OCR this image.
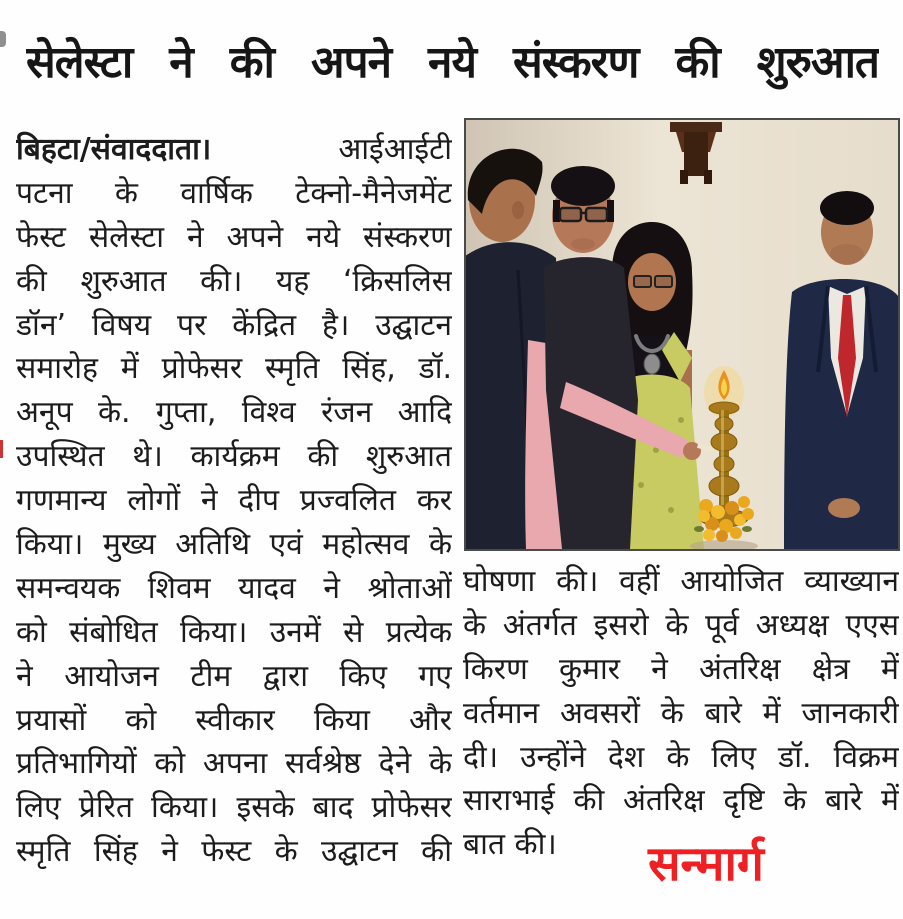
सेलेस्टा ने की अपने नये संस्करण की शुरुआत
बिहटा/संवाददाता।	आईआईटी
पटना के वार्षिक टेक्नो-मैनेजमेंट
फेस्ट सेलेस्टा ने अपने नये संस्करण
की शुरुआत की। यह ‘क्रिसलिस
डॉन’ विषय पर केंद्रित है। उद्घाटन
समारोह में प्रोफेसर स्मृति सिंह, डॉ.
अनूप के. गुप्ता, विश्व रंजन आदि
उपस्थित थे। कार्यक्रम की शुरुआत
गणमान्य लोगों ने दीप प्रज्वलित कर
किया। मुख्य अतिथि एवं महोत्सव के
समन्वयक शिवम यादव ने श्रोताओं
को संबोधित किया। उनमें से प्रत्येक
ने आयोजन टीम द्वारा किए गए
प्रयासों को स्वीकार किया और
प्रतिभागियों को अपना सर्वश्रेष्ठ देने के
लिए प्रेरित किया। इसके बाद प्रोफेसर
स्मृति सिंह ने फेस्ट के उद्घाटन की
घोषणा की। वहीं आयोजित व्याख्यान
के अंतर्गत इसरो के पूर्व अध्यक्ष एएस
किरण कुमार ने अंतरिक्ष क्षेत्र में
वर्तमान अवसरों के बारे में जानकारी
दी। उन्होंने देश के लिए डॉ. विक्रम
साराभाई की अंतरिक्ष दृष्टि के बारे में
बात की।	सन्मार्ग
